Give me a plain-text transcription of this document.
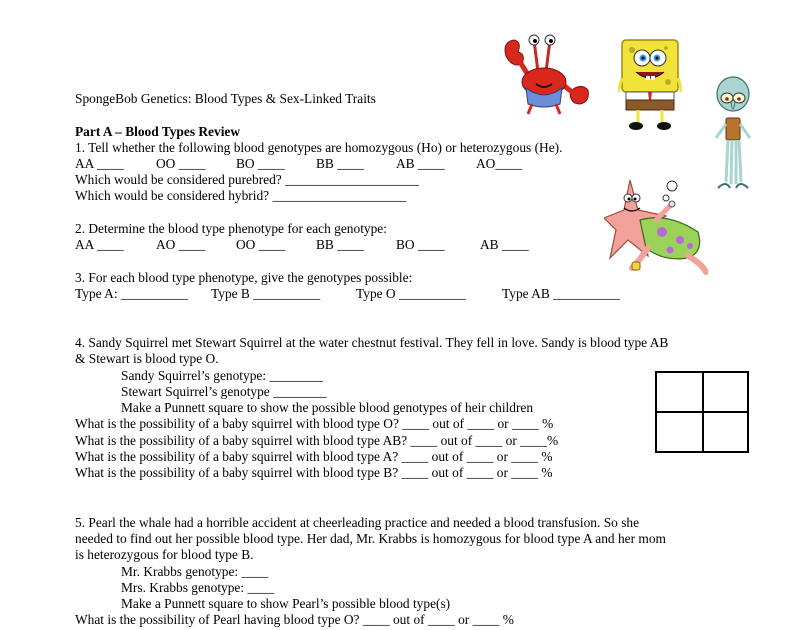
SpongeBob Genetics: Blood Types & Sex-Linked Traits
Part A – Blood Types Review
1. Tell whether the following blood genotypes are homozygous (Ho) or heterozygous (He).
AA ____ OO ____ BO ____ BB ____ AB ____ AO____
Which would be considered purebred? ____________________
Which would be considered hybrid? ____________________
2. Determine the blood type phenotype for each genotype:
AA ____ AO ____ OO ____ BB ____ BO ____	AB ____
3. For each blood type phenotype, give the genotypes possible:
Type A: __________ Type B __________	Type O __________	Type AB __________
4. Sandy Squirrel met Stewart Squirrel at the water chestnut festival. They fell in love. Sandy is blood type AB
& Stewart is blood type O.
Sandy Squirrel’s genotype: ________
Stewart Squirrel’s genotype ________
Make a Punnett square to show the possible blood genotypes of heir children
What is the possibility of a baby squirrel with blood type O? ____ out of ____ or ____ %
What is the possibility of a baby squirrel with blood type AB? ____ out of ____ or ____%
What is the possibility of a baby squirrel with blood type A? ____ out of ____ or ____ %
What is the possibility of a baby squirrel with blood type B? ____ out of ____ or ____ %
5. Pearl the whale had a horrible accident at cheerleading practice and needed a blood transfusion. So she
needed to find out her possible blood type. Her dad, Mr. Krabbs is homozygous for blood type A and her mom
is heterozygous for blood type B.
Mr. Krabbs genotype: ____
Mrs. Krabbs genotype: ____
Make a Punnett square to show Pearl’s possible blood type(s)
What is the possibility of Pearl having blood type O? ____ out of ____ or ____ %
